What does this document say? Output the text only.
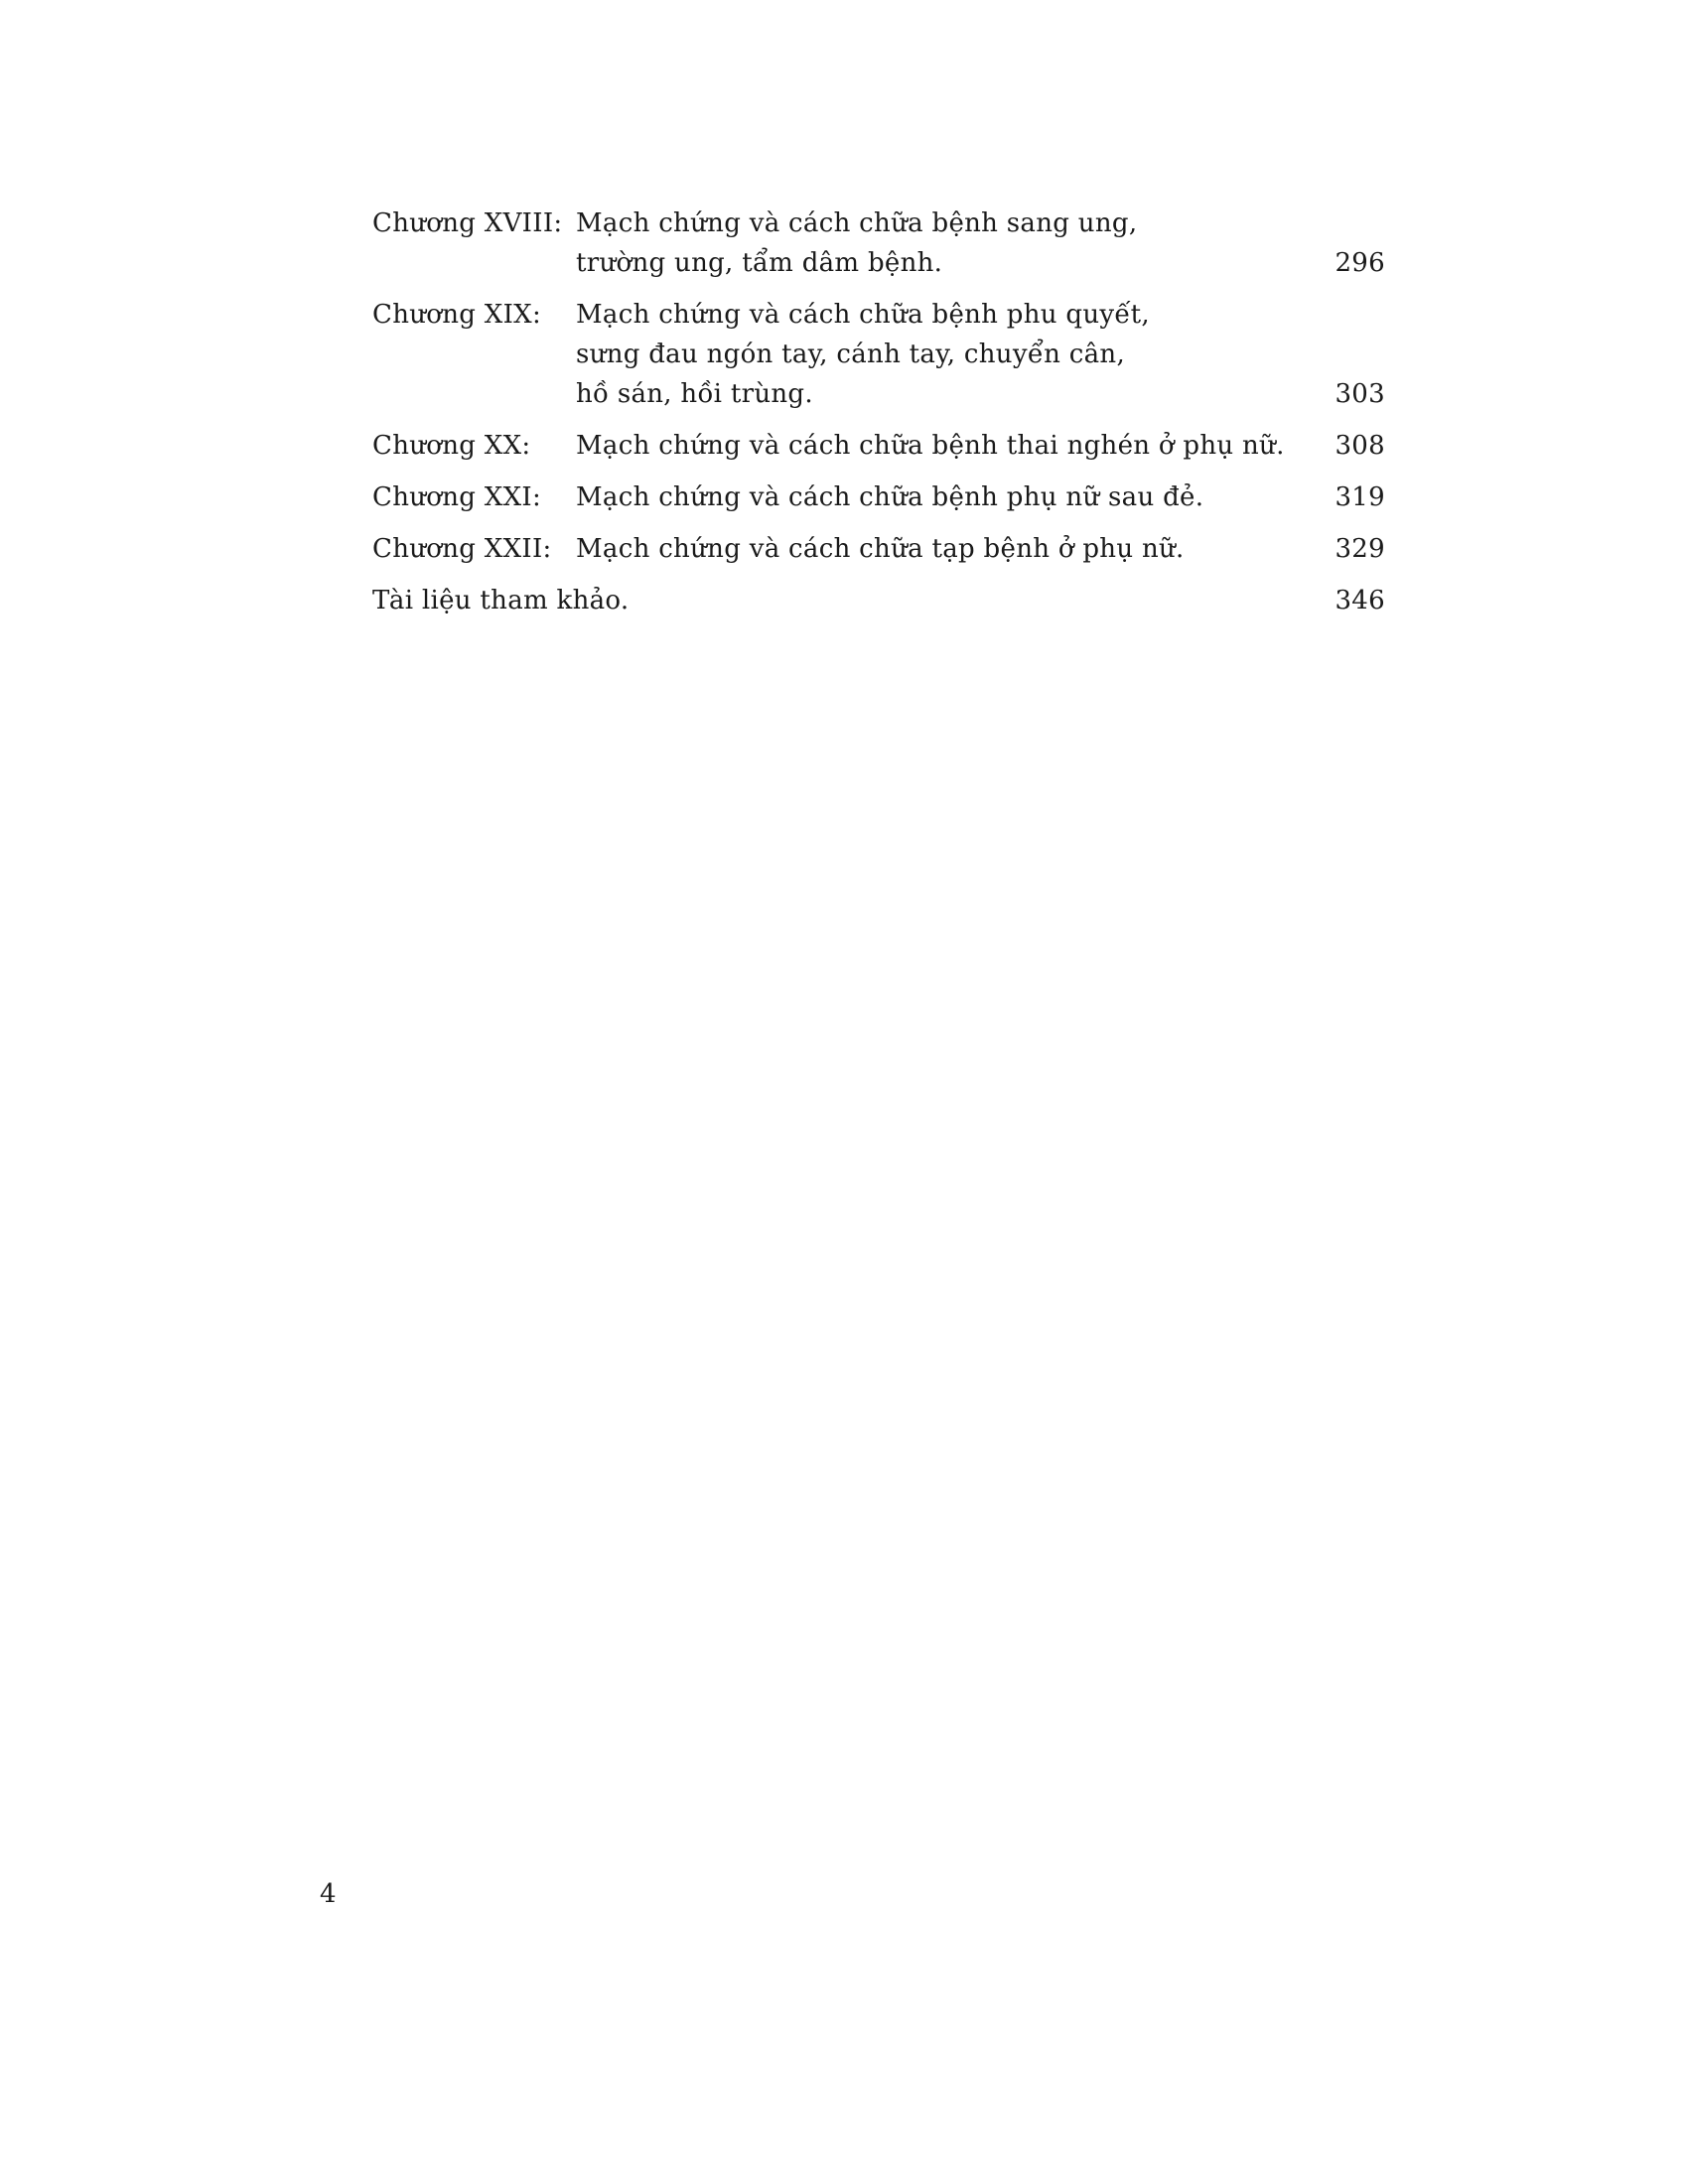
Chương XVIII: Mạch chứng và cách chữa bệnh sang ung,
trường ung, tẩm dâm bệnh.	296
Chương XIX: Mạch chứng và cách chữa bệnh phu quyết,
sưng đau ngón tay, cánh tay, chuyển cân,
hồ sán, hồi trùng.	303
Chương XX: Mạch chứng và cách chữa bệnh thai nghén ở phụ nữ. 308
Chương XXI: Mạch chứng và cách chữa bệnh phụ nữ sau đẻ.	319
Chương XXII: Mạch chứng và cách chữa tạp bệnh ở phụ nữ.	329
Tài liệu tham khảo.	346
4
